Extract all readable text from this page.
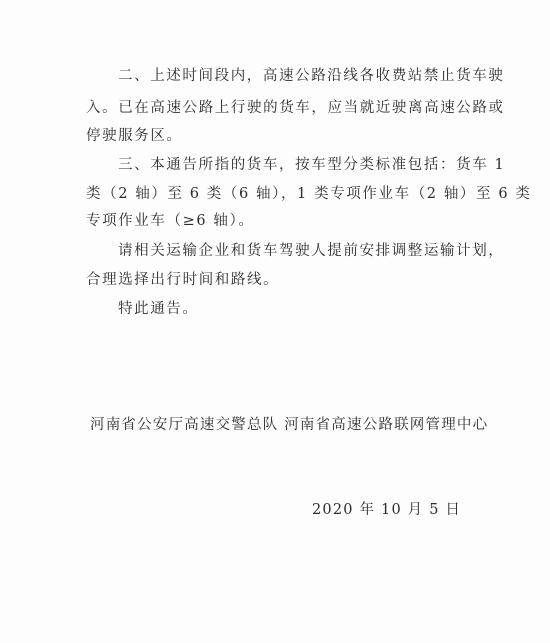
二、上述时间段内，高速公路沿线各收费站禁止货车驶
入。已在高速公路上行驶的货车，应当就近驶离高速公路或
停驶服务区。
三、本通告所指的货车，按车型分类标准包括：货车 1
类（2 轴）至 6 类（6 轴），1 类专项作业车（2 轴）至 6 类
专项作业车（≥6 轴）。
请相关运输企业和货车驾驶人提前安排调整运输计划，
合理选择出行时间和路线。
特此通告。
河南省公安厅高速交警总队 河南省高速公路联网管理中心
2020 年 10 月 5 日
